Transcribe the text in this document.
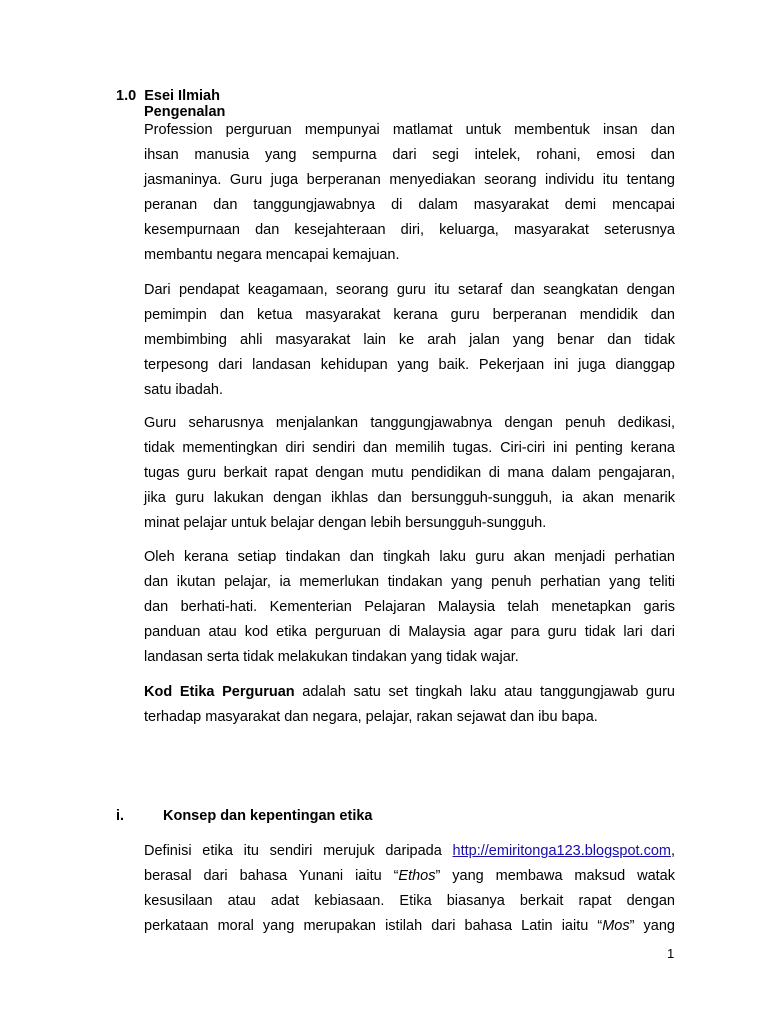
1.0 Esei Ilmiah
Pengenalan
Profession perguruan mempunyai matlamat untuk membentuk insan dan
ihsan manusia yang sempurna dari segi intelek, rohani, emosi dan
jasmaninya. Guru juga berperanan menyediakan seorang individu itu tentang
peranan dan tanggungjawabnya di dalam masyarakat demi mencapai
kesempurnaan dan kesejahteraan diri, keluarga, masyarakat seterusnya
membantu negara mencapai kemajuan.
Dari pendapat keagamaan, seorang guru itu setaraf dan seangkatan dengan
pemimpin dan ketua masyarakat kerana guru berperanan mendidik dan
membimbing ahli masyarakat lain ke arah jalan yang benar dan tidak
terpesong dari landasan kehidupan yang baik. Pekerjaan ini juga dianggap
satu ibadah.
Guru seharusnya menjalankan tanggungjawabnya dengan penuh dedikasi,
tidak mementingkan diri sendiri dan memilih tugas. Ciri-ciri ini penting kerana
tugas guru berkait rapat dengan mutu pendidikan di mana dalam pengajaran,
jika guru lakukan dengan ikhlas dan bersungguh-sungguh, ia akan menarik
minat pelajar untuk belajar dengan lebih bersungguh-sungguh.
Oleh kerana setiap tindakan dan tingkah laku guru akan menjadi perhatian
dan ikutan pelajar, ia memerlukan tindakan yang penuh perhatian yang teliti
dan berhati-hati. Kementerian Pelajaran Malaysia telah menetapkan garis
panduan atau kod etika perguruan di Malaysia agar para guru tidak lari dari
landasan serta tidak melakukan tindakan yang tidak wajar.
Kod Etika Perguruan adalah satu set tingkah laku atau tanggungjawab guru
terhadap masyarakat dan negara, pelajar, rakan sejawat dan ibu bapa.
i.	Konsep dan kepentingan etika
Definisi etika itu sendiri merujuk daripada http://emiritonga123.blogspot.com,
berasal dari bahasa Yunani iaitu “Ethos” yang membawa maksud watak
kesusilaan atau adat kebiasaan. Etika biasanya berkait rapat dengan
perkataan moral yang merupakan istilah dari bahasa Latin iaitu “Mos” yang
1
